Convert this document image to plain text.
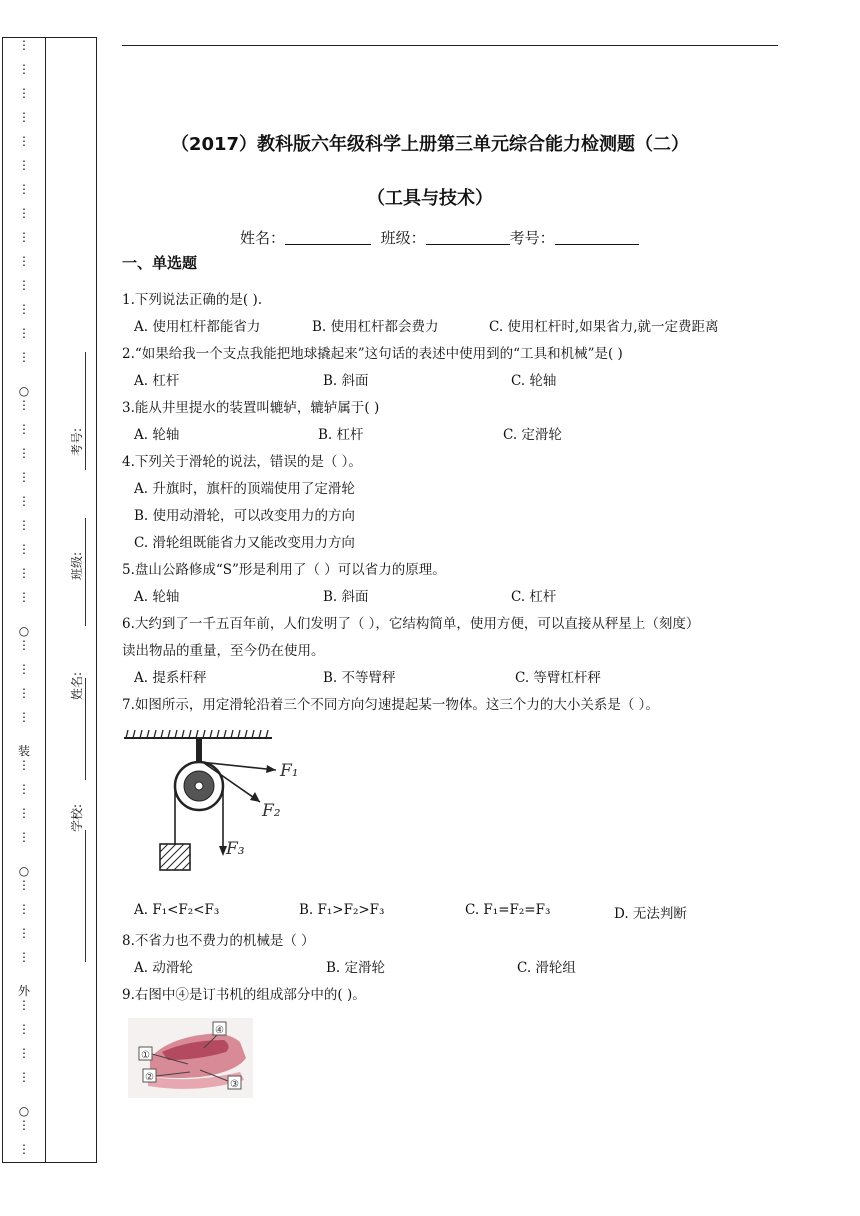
⋮
⋮
⋮
⋮
⋮
⋮
⋮
⋮
⋮
⋮
⋮
⋮
⋮
⋮
○
⋮
⋮
⋮
⋮
⋮
⋮
⋮
⋮
⋮
○
⋮
⋮
⋮
⋮
装
⋮
⋮
⋮
⋮
○
⋮
⋮
⋮
⋮
外
⋮
⋮
⋮
⋮
○
⋮
⋮
考号:
班级:
姓名:
学校:
（2017）教科版六年级科学上册第三单元综合能力检测题（二）
（工具与技术）
姓名：	班级：	考号：
一、单选题
1.下列说法正确的是( ).
A. 使用杠杆都能省力	B. 使用杠杆都会费力	C. 使用杠杆时,如果省力,就一定费距离
2.“如果给我一个支点我能把地球撬起来”这句话的表述中使用到的“工具和机械”是( )
A. 杠杆	B. 斜面	C. 轮轴
3.能从井里提水的装置叫辘轳，辘轳属于( )
A. 轮轴	B. 杠杆	C. 定滑轮
4.下列关于滑轮的说法，错误的是（ ）。
A. 升旗时，旗杆的顶端使用了定滑轮
B. 使用动滑轮，可以改变用力的方向
C. 滑轮组既能省力又能改变用力方向
5.盘山公路修成“S”形是利用了（ ）可以省力的原理。
A. 轮轴	B. 斜面	C. 杠杆
6.大约到了一千五百年前，人们发明了（ ），它结构简单，使用方便，可以直接从秤星上（刻度）
读出物品的重量，至今仍在使用。
A. 提系杆秤	B. 不等臂秤	C. 等臂杠杆秤
7.如图所示，用定滑轮沿着三个不同方向匀速提起某一物体。这三个力的大小关系是（ ）。
F₁
F₂
F₃
A. F₁<F₂<F₃	B. F₁>F₂>F₃	C. F₁=F₂=F₃	D. 无法判断
8.不省力也不费力的机械是（ ）
A. 动滑轮	B. 定滑轮	C. 滑轮组
9.右图中④是订书机的组成部分中的( )。
①
②
③
④
